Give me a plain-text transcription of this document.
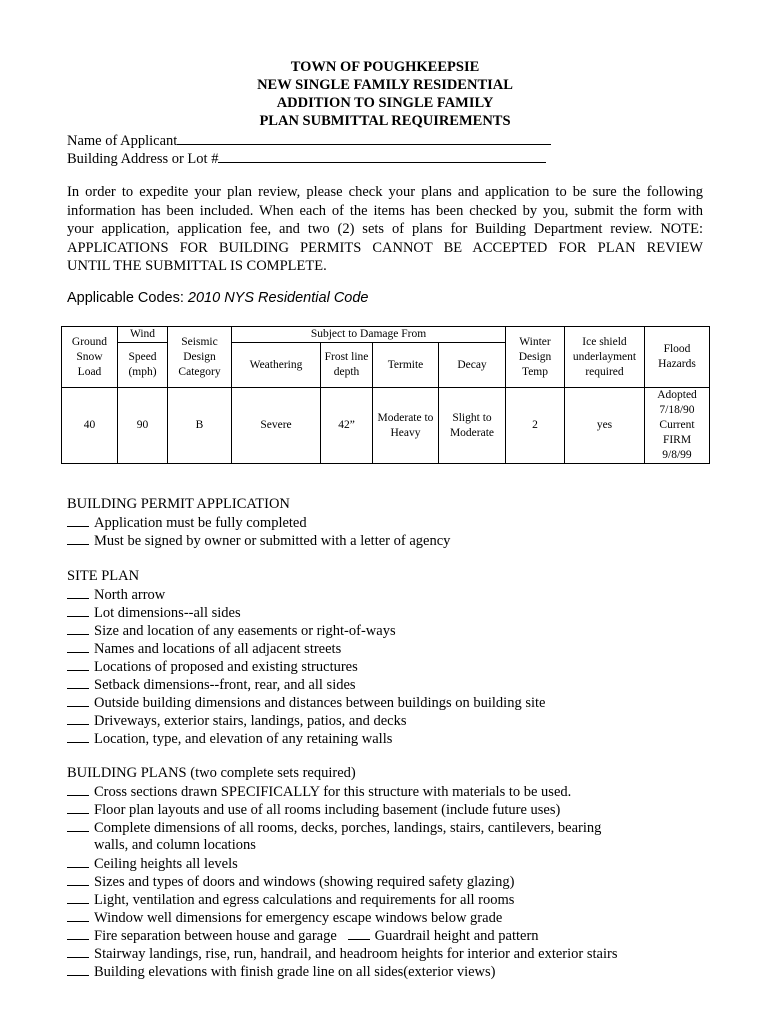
TOWN OF POUGHKEEPSIE
NEW SINGLE FAMILY RESIDENTIAL
ADDITION TO SINGLE FAMILY
PLAN SUBMITTAL REQUIREMENTS
Name of Applicant
Building Address or Lot #
In order to expedite your plan review, please check your plans and application to be sure the following
information has been included. When each of the items has been checked by you, submit the form with
your application, application fee, and two (2) sets of plans for Building Department review. NOTE:
APPLICATIONS FOR BUILDING PERMITS CANNOT BE ACCEPTED FOR PLAN REVIEW
UNTIL THE SUBMITTAL IS COMPLETE.
Applicable Codes: 2010 NYS Residential Code
Ground Snow Load	Wind	Seismic Design Category	Subject to Damage From				Winter Design Temp	Ice shield underlayment required	Flood Hazards
	Speed (mph)		Weathering	Frost line depth	Termite	Decay			
40	90	B	Severe	42”	Moderate to Heavy	Slight to Moderate	2	yes	Adopted 7/18/90 Current FIRM 9/8/99
BUILDING PERMIT APPLICATION
Application must be fully completed
Must be signed by owner or submitted with a letter of agency
SITE PLAN
North arrow
Lot dimensions--all sides
Size and location of any easements or right-of-ways
Names and locations of all adjacent streets
Locations of proposed and existing structures
Setback dimensions--front, rear, and all sides
Outside building dimensions and distances between buildings on building site
Driveways, exterior stairs, landings, patios, and decks
Location, type, and elevation of any retaining walls
BUILDING PLANS (two complete sets required)
Cross sections drawn SPECIFICALLY for this structure with materials to be used.
Floor plan layouts and use of all rooms including basement (include future uses)
Complete dimensions of all rooms, decks, porches, landings, stairs, cantilevers, bearing
walls, and column locations
Ceiling heights all levels
Sizes and types of doors and windows (showing required safety glazing)
Light, ventilation and egress calculations and requirements for all rooms
Window well dimensions for emergency escape windows below grade
Fire separation between house and garage	Guardrail height and pattern
Stairway landings, rise, run, handrail, and headroom heights for interior and exterior stairs
Building elevations with finish grade line on all sides(exterior views)
